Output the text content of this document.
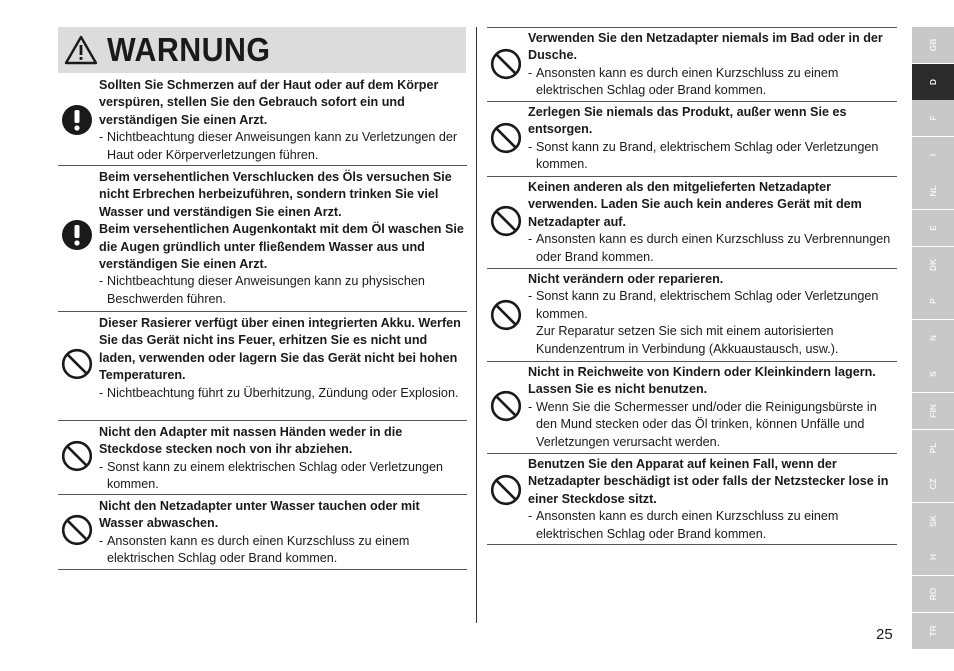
WARNUNG
Sollten Sie Schmerzen auf der Haut oder auf dem Körper verspüren, stellen Sie den Gebrauch sofort ein und verständigen Sie einen Arzt.
- Nichtbeachtung dieser Anweisungen kann zu Verletzungen der Haut oder Körperverletzungen führen.
Beim versehentlichen Verschlucken des Öls versuchen Sie nicht Erbrechen herbeizuführen, sondern trinken Sie viel Wasser und verständigen Sie einen Arzt.
Beim versehentlichen Augenkontakt mit dem Öl waschen Sie die Augen gründlich unter fließendem Wasser aus und verständigen Sie einen Arzt.
- Nichtbeachtung dieser Anweisungen kann zu physischen Beschwerden führen.
Dieser Rasierer verfügt über einen integrierten Akku. Werfen Sie das Gerät nicht ins Feuer, erhitzen Sie es nicht und laden, verwenden oder lagern Sie das Gerät nicht bei hohen Temperaturen.
- Nichtbeachtung führt zu Überhitzung, Zündung oder Explosion.
Nicht den Adapter mit nassen Händen weder in die Steckdose stecken noch von ihr abziehen.
- Sonst kann zu einem elektrischen Schlag oder Verletzungen kommen.
Nicht den Netzadapter unter Wasser tauchen oder mit Wasser abwaschen.
- Ansonsten kann es durch einen Kurzschluss zu einem elektrischen Schlag oder Brand kommen.
Verwenden Sie den Netzadapter niemals im Bad oder in der Dusche.
- Ansonsten kann es durch einen Kurzschluss zu einem elektrischen Schlag oder Brand kommen.
Zerlegen Sie niemals das Produkt, außer wenn Sie es entsorgen.
- Sonst kann zu Brand, elektrischem Schlag oder Verletzungen kommen.
Keinen anderen als den mitgelieferten Netzadapter verwenden. Laden Sie auch kein anderes Gerät mit dem Netzadapter auf.
- Ansonsten kann es durch einen Kurzschluss zu Verbrennungen oder Brand kommen.
Nicht verändern oder reparieren.
- Sonst kann zu Brand, elektrischem Schlag oder Verletzungen kommen.
Zur Reparatur setzen Sie sich mit einem autorisierten Kundenzentrum in Verbindung (Akkuaustausch, usw.).
Nicht in Reichweite von Kindern oder Kleinkindern lagern. Lassen Sie es nicht benutzen.
- Wenn Sie die Schermesser und/oder die Reinigungsbürste in den Mund stecken oder das Öl trinken, können Unfälle und Verletzungen verursacht werden.
Benutzen Sie den Apparat auf keinen Fall, wenn der Netzadapter beschädigt ist oder falls der Netzstecker lose in einer Steckdose sitzt.
- Ansonsten kann es durch einen Kurzschluss zu einem elektrischen Schlag oder Brand kommen.
GB
D
F
I
NL
E
DK
P
N
S
FIN
PL
CZ
SK
H
RO
TR
25
